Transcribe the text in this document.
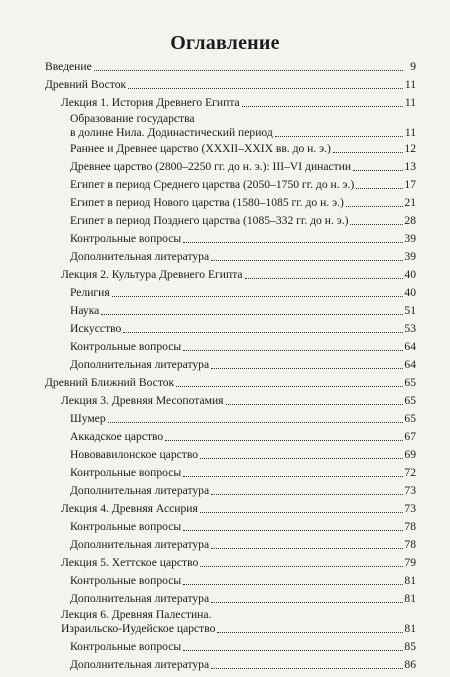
Оглавление
Введение	9
Древний Восток	11
Лекция 1. История Древнего Египта	11
Образование государства
в долине Нила. Додинастический период	11
Раннее и Древнее царство (XXXII–XXIX вв. до н. э.)	12
Древнее царство (2800–2250 гг. до н. э.): III–VI династии	13
Египет в период Среднего царства (2050–1750 гг. до н. э.)	17
Египет в период Нового царства (1580–1085 гг. до н. э.)	21
Египет в период Позднего царства (1085–332 гг. до н. э.)	28
Контрольные вопросы	39
Дополнительная литература	39
Лекция 2. Культура Древнего Египта	40
Религия	40
Наука	51
Искусство	53
Контрольные вопросы	64
Дополнительная литература	64
Древний Ближний Восток	65
Лекция 3. Древняя Месопотамия	65
Шумер	65
Аккадское царство	67
Нововавилонское царство	69
Контрольные вопросы	72
Дополнительная литература	73
Лекция 4. Древняя Ассирия	73
Контрольные вопросы	78
Дополнительная литература	78
Лекция 5. Хеттское царство	79
Контрольные вопросы	81
Дополнительная литература	81
Лекция 6. Древняя Палестина.
Израильско-Иудейское царство	81
Контрольные вопросы	85
Дополнительная литература	86
